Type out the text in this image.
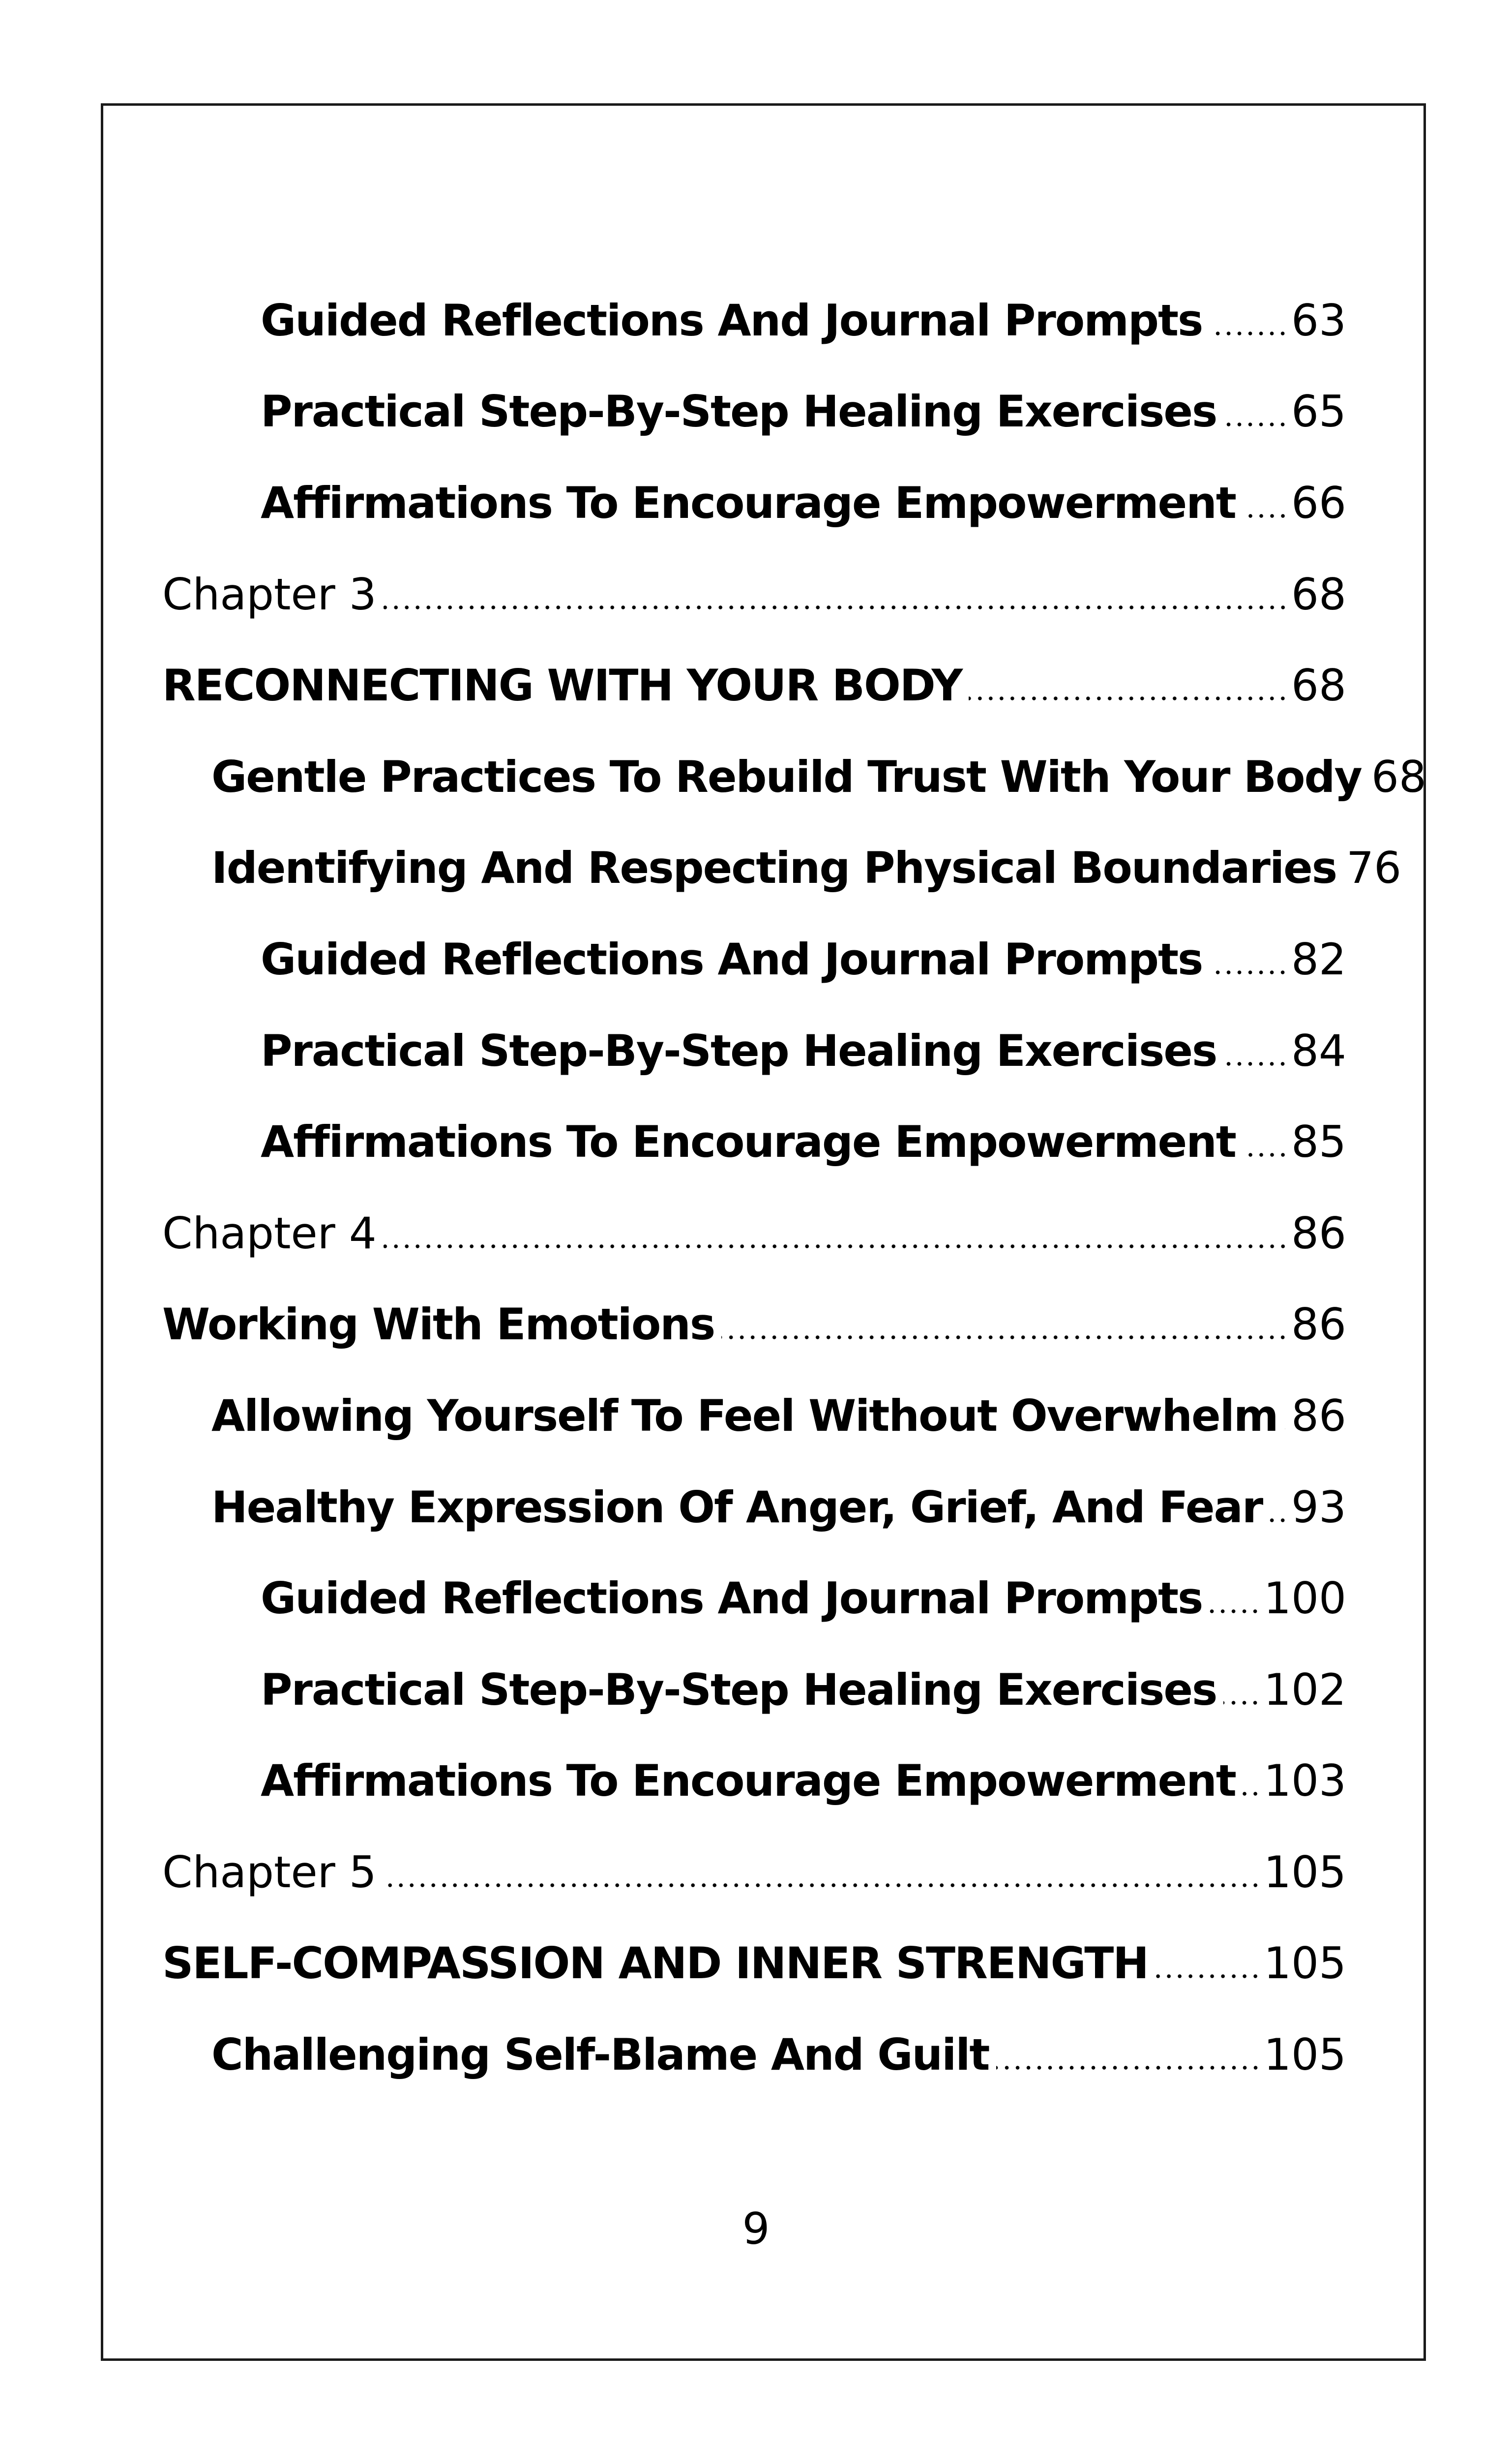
Guided Reflections And Journal Prompts 63
Practical Step-By-Step Healing Exercises 65
Affirmations To Encourage Empowerment 66
Chapter 3	68
RECONNECTING WITH YOUR BODY	68
Gentle Practices To Rebuild Trust With Your Body 68
Identifying And Respecting Physical Boundaries 76
Guided Reflections And Journal Prompts 82
Practical Step-By-Step Healing Exercises 84
Affirmations To Encourage Empowerment 85
Chapter 4	86
Working With Emotions	86
Allowing Yourself To Feel Without Overwhelm 86
Healthy Expression Of Anger, Grief, And Fear 93
Guided Reflections And Journal Prompts 100
Practical Step-By-Step Healing Exercises 102
Affirmations To Encourage Empowerment 103
Chapter 5	105
SELF-COMPASSION AND INNER STRENGTH	105
Challenging Self-Blame And Guilt	105
9
